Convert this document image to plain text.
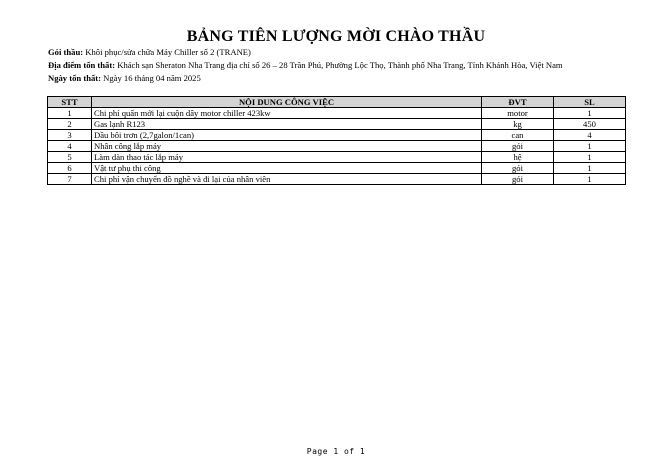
BẢNG TIÊN LƯỢNG MỜI CHÀO THẦU
Gói thầu: Khôi phục/sửa chữa Máy Chiller số 2 (TRANE)
Địa điểm tổn thất: Khách sạn Sheraton Nha Trang địa chỉ số 26 – 28 Trần Phú, Phường Lộc Thọ, Thành phố Nha Trang, Tỉnh Khánh Hòa, Việt Nam
Ngày tổn thất: Ngày 16 tháng 04 năm 2025
STT	NỘI DUNG CÔNG VIỆC	ĐVT	SL
1	Chi phí quấn mới lại cuộn dây motor chiller 423kw	motor	1
2	Gas lạnh R123	kg	450
3	Dầu bôi trơn (2,7galon/1can)	can	4
4	Nhân công lắp máy	gói	1
5	Làm dàn thao tác lắp máy	hệ	1
6	Vật tư phụ thi công	gói	1
7	Chi phí vận chuyển đồ nghề và đi lại của nhân viên	gói	1
Page 1 of 1
